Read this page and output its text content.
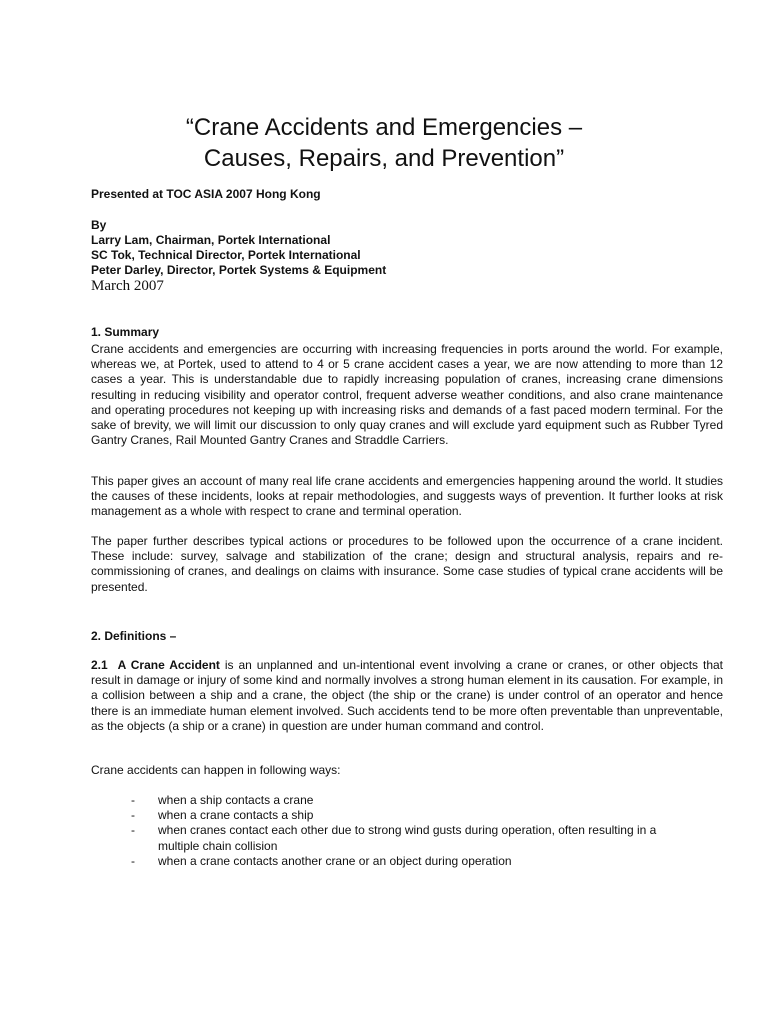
“Crane Accidents and Emergencies –
Causes, Repairs, and Prevention”
Presented at TOC ASIA 2007 Hong Kong
By
Larry Lam, Chairman, Portek International
SC Tok, Technical Director, Portek International
Peter Darley, Director, Portek Systems & Equipment
March 2007
1. Summary

Crane accidents and emergencies are occurring with increasing frequencies in ports around the world. For example, whereas we, at Portek, used to attend to 4 or 5 crane accident cases a year, we are now attending to more than 12 cases a year. This is understandable due to rapidly increasing population of cranes, increasing crane dimensions resulting in reducing visibility and operator control, frequent adverse weather conditions, and also crane maintenance and operating procedures not keeping up with increasing risks and demands of a fast paced modern terminal. For the sake of brevity, we will limit our discussion to only quay cranes and will exclude yard equipment such as Rubber Tyred Gantry Cranes, Rail Mounted Gantry Cranes and Straddle Carriers.

This paper gives an account of many real life crane accidents and emergencies happening around the world. It studies the causes of these incidents, looks at repair methodologies, and suggests ways of prevention. It further looks at risk management as a whole with respect to crane and terminal operation.

The paper further describes typical actions or procedures to be followed upon the occurrence of a crane incident. These include: survey, salvage and stabilization of the crane; design and structural analysis, repairs and re-commissioning of cranes, and dealings on claims with insurance. Some case studies of typical crane accidents will be presented.

2. Definitions –

2.1 A Crane Accident is an unplanned and un-intentional event involving a crane or cranes, or other objects that result in damage or injury of some kind and normally involves a strong human element in its causation. For example, in a collision between a ship and a crane, the object (the ship or the crane) is under control of an operator and hence there is an immediate human element involved. Such accidents tend to be more often preventable than unpreventable, as the objects (a ship or a crane) in question are under human command and control.

Crane accidents can happen in following ways:

- when a ship contacts a crane
- when a crane contacts a ship
- when cranes contact each other due to strong wind gusts during operation, often resulting in a multiple chain collision
- when a crane contacts another crane or an object during operation
